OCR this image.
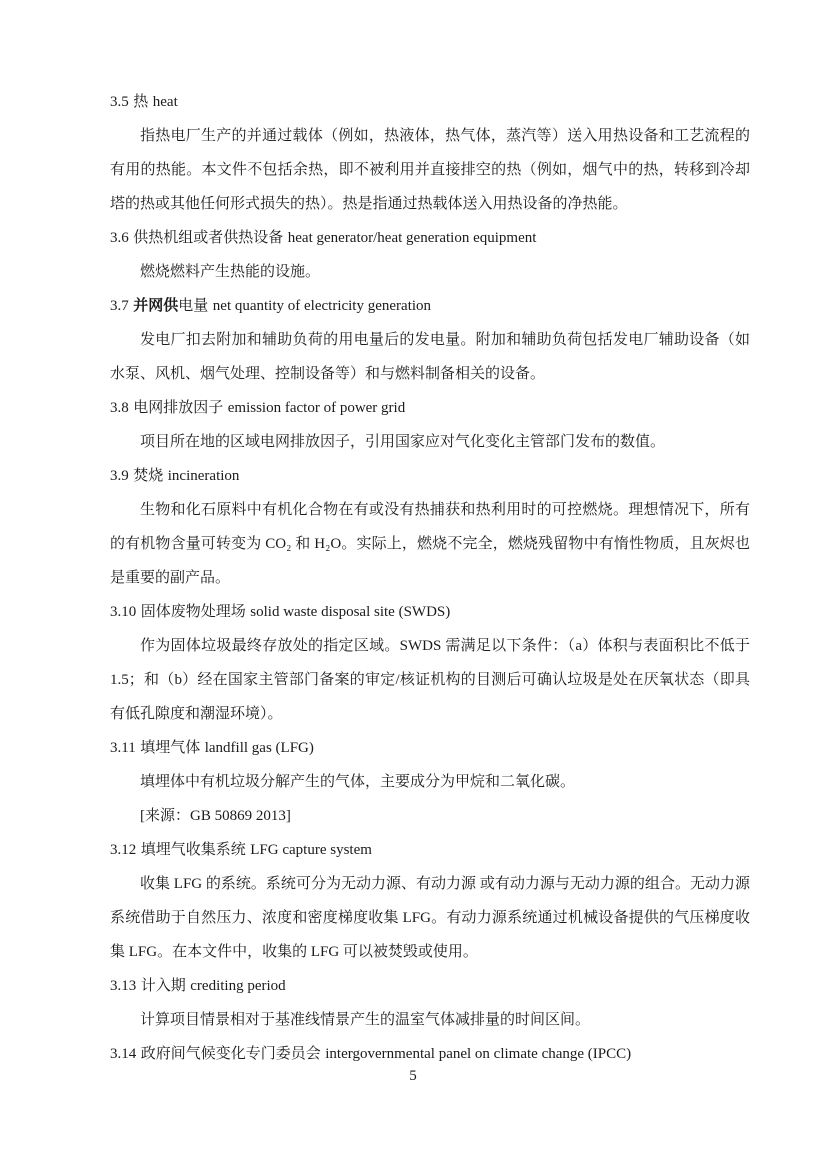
3.5 热 heat

指热电厂生产的并通过载体（例如，热液体，热气体，蒸汽等）送入用热设备和工艺流程的有用的热能。本文件不包括余热，即不被利用并直接排空的热（例如，烟气中的热，转移到冷却塔的热或其他任何形式损失的热）。热是指通过热载体送入用热设备的净热能。

3.6 供热机组或者供热设备 heat generator/heat generation equipment

燃烧燃料产生热能的设施。

3.7 并网供电量 net quantity of electricity generation

发电厂扣去附加和辅助负荷的用电量后的发电量。附加和辅助负荷包括发电厂辅助设备（如水泵、风机、烟气处理、控制设备等）和与燃料制备相关的设备。

3.8 电网排放因子 emission factor of power grid

项目所在地的区域电网排放因子，引用国家应对气化变化主管部门发布的数值。

3.9 焚烧 incineration

生物和化石原料中有机化合物在有或没有热捕获和热利用时的可控燃烧。理想情况下，所有的有机物含量可转变为 CO₂ 和 H₂O。实际上，燃烧不完全，燃烧残留物中有惰性物质，且灰烬也是重要的副产品。

3.10 固体废物处理场 solid waste disposal site (SWDS)

作为固体垃圾最终存放处的指定区域。SWDS 需满足以下条件：（a）体积与表面积比不低于 1.5；和（b）经在国家主管部门备案的审定/核证机构的目测后可确认垃圾是处在厌氧状态（即具有低孔隙度和潮湿环境）。

3.11 填埋气体 landfill gas (LFG)

填埋体中有机垃圾分解产生的气体，主要成分为甲烷和二氧化碳。

[来源：GB 50869 2013]

3.12 填埋气收集系统 LFG capture system

收集 LFG 的系统。系统可分为无动力源、有动力源 或有动力源与无动力源的组合。无动力源系统借助于自然压力、浓度和密度梯度收集 LFG。有动力源系统通过机械设备提供的气压梯度收集 LFG。在本文件中，收集的 LFG 可以被焚毁或使用。

3.13 计入期 crediting period

计算项目情景相对于基准线情景产生的温室气体减排量的时间区间。

3.14 政府间气候变化专门委员会 intergovernmental panel on climate change (IPCC)
5
